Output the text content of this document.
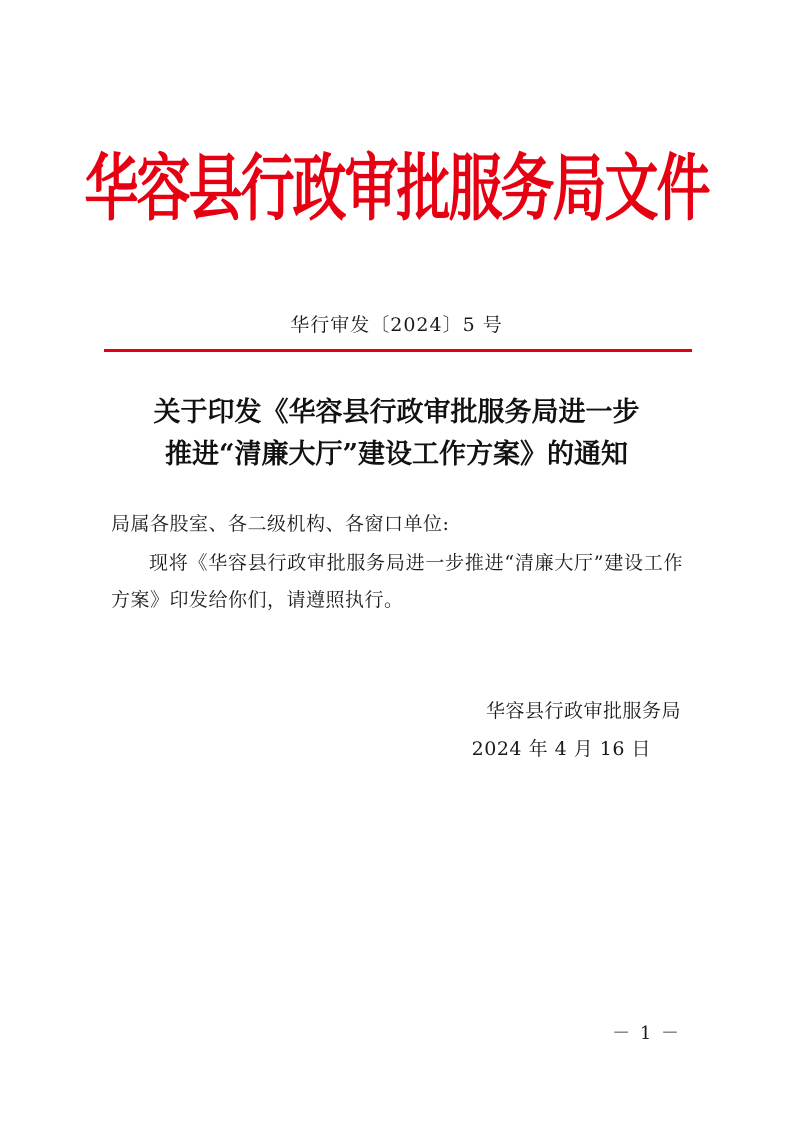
华容县行政审批服务局文件
华行审发〔2024〕5 号
关于印发《华容县行政审批服务局进一步
推进“清廉大厅”建设工作方案》的通知
局属各股室、各二级机构、各窗口单位:
现将《华容县行政审批服务局进一步推进“清廉大厅”建设工作方案》印发给你们，请遵照执行。
华容县行政审批服务局
2024 年 4 月 16 日
－ 1 －
